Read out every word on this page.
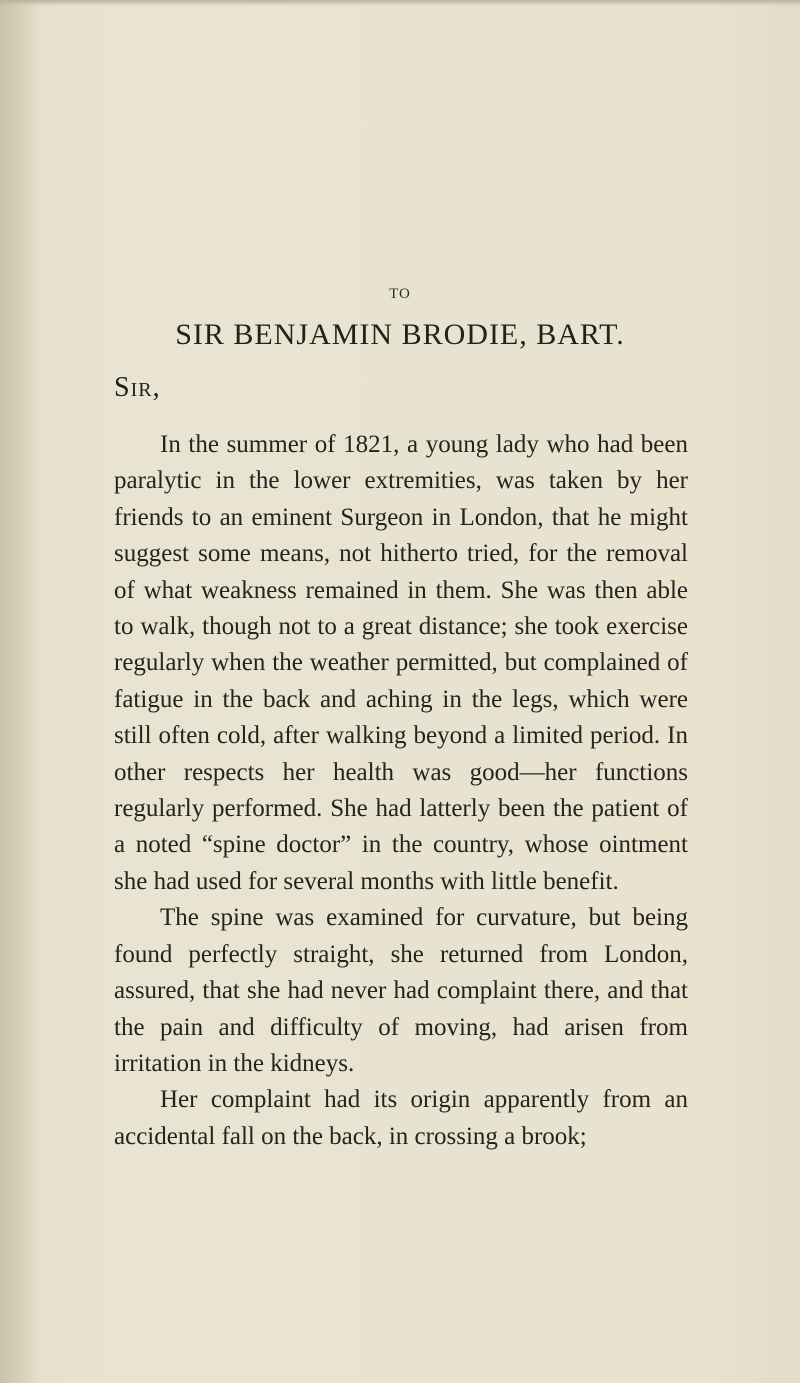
TO
SIR BENJAMIN BRODIE, BART.
Sir,

In the summer of 1821, a young lady who had been paralytic in the lower extremities, was taken by her friends to an eminent Surgeon in London, that he might suggest some means, not hitherto tried, for the removal of what weakness remained in them. She was then able to walk, though not to a great distance; she took exercise regularly when the weather permitted, but complained of fatigue in the back and aching in the legs, which were still often cold, after walking beyond a limited period. In other respects her health was good—her functions regularly performed. She had latterly been the patient of a noted “spine doctor” in the country, whose ointment she had used for several months with little benefit.

The spine was examined for curvature, but being found perfectly straight, she returned from London, assured, that she had never had complaint there, and that the pain and difficulty of moving, had arisen from irritation in the kidneys.

Her complaint had its origin apparently from an accidental fall on the back, in crossing a brook;
